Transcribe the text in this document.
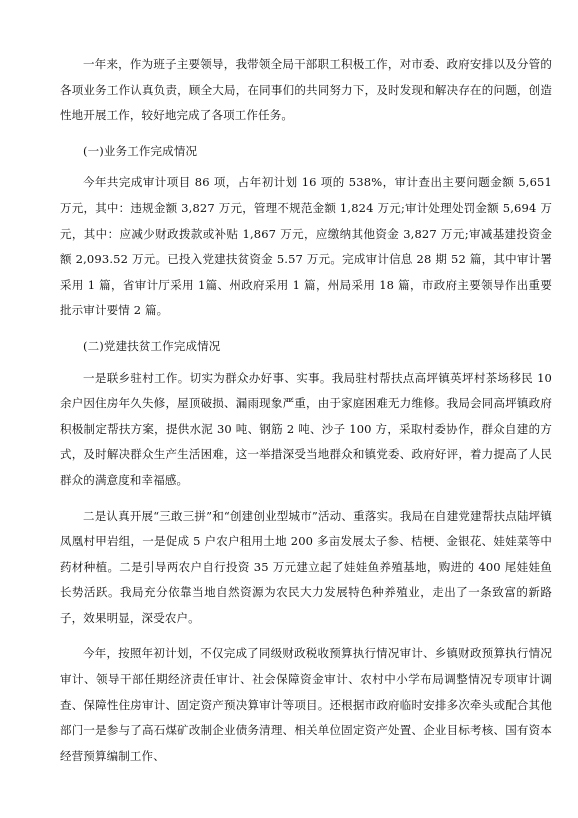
一年来，作为班子主要领导，我带领全局干部职工积极工作，对市委、政府安排以及分管的各项业务工作认真负责，顾全大局，在同事们的共同努力下，及时发现和解决存在的问题，创造性地开展工作，较好地完成了各项工作任务。

(一)业务工作完成情况

今年共完成审计项目 86 项，占年初计划 16 项的 538%，审计查出主要问题金额 5,651 万元，其中：违规金额 3,827 万元，管理不规范金额 1,824 万元;审计处理处罚金额 5,694 万元，其中：应减少财政拨款或补贴 1,867 万元，应缴纳其他资金 3,827 万元;审减基建投资金额 2,093.52 万元。已投入党建扶贫资金 5.57 万元。完成审计信息 28 期 52 篇，其中审计署采用 1 篇，省审计厅采用 1篇、州政府采用 1 篇，州局采用 18 篇，市政府主要领导作出重要批示审计要情 2 篇。

(二)党建扶贫工作完成情况

一是联乡驻村工作。切实为群众办好事、实事。我局驻村帮扶点高坪镇英坪村茶场移民 10 余户因住房年久失修，屋顶破损、漏雨现象严重，由于家庭困难无力维修。我局会同高坪镇政府积极制定帮扶方案，提供水泥 30 吨、钢筋 2 吨、沙子 100 方，采取村委协作，群众自建的方式，及时解决群众生产生活困难，这一举措深受当地群众和镇党委、政府好评，着力提高了人民群众的满意度和幸福感。

二是认真开展“三敢三拼”和“创建创业型城市”活动、重落实。我局在自建党建帮扶点陆坪镇凤凰村甲岩组，一是促成 5 户农户租用土地 200 多亩发展太子参、桔梗、金银花、娃娃菜等中药材种植。二是引导两农户自行投资 35 万元建立起了娃娃鱼养殖基地，购进的 400 尾娃娃鱼长势活跃。我局充分依靠当地自然资源为农民大力发展特色种养殖业，走出了一条致富的新路子，效果明显，深受农户。

今年，按照年初计划，不仅完成了同级财政税收预算执行情况审计、乡镇财政预算执行情况审计、领导干部任期经济责任审计、社会保障资金审计、农村中小学布局调整情况专项审计调查、保障性住房审计、固定资产预决算审计等项目。还根据市政府临时安排多次牵头或配合其他部门一是参与了高石煤矿改制企业债务清理、相关单位固定资产处置、企业目标考核、国有资本经营预算编制工作、
